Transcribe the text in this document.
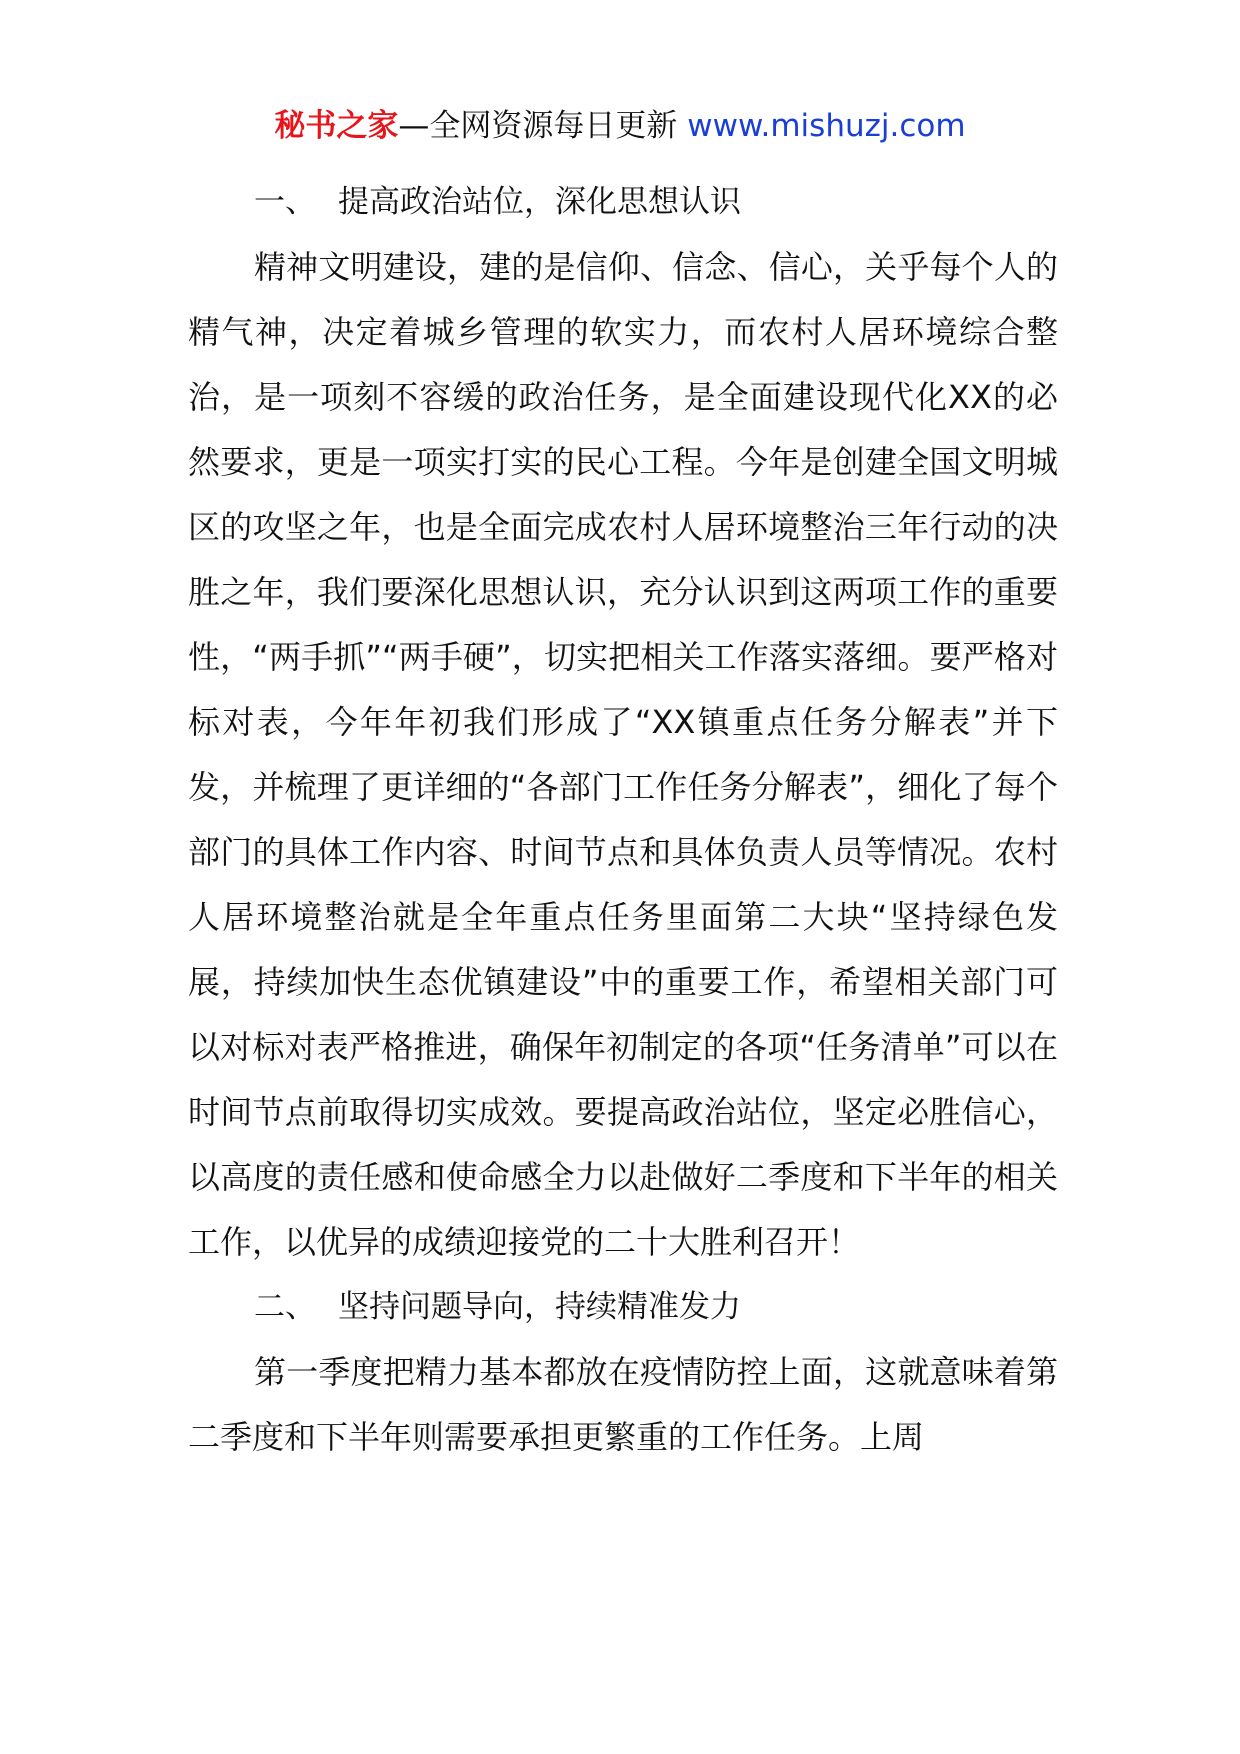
秘书之家—全网资源每日更新 www.mishuzj.com

一、 提高政治站位，深化思想认识

精神文明建设，建的是信仰、信念、信心，关乎每个人的精气神，决定着城乡管理的软实力，而农村人居环境综合整治，是一项刻不容缓的政治任务，是全面建设现代化XX的必然要求，更是一项实打实的民心工程。今年是创建全国文明城区的攻坚之年，也是全面完成农村人居环境整治三年行动的决胜之年，我们要深化思想认识，充分认识到这两项工作的重要性，“两手抓”“两手硬”，切实把相关工作落实落细。要严格对标对表，今年年初我们形成了“XX镇重点任务分解表”并下发，并梳理了更详细的“各部门工作任务分解表”，细化了每个部门的具体工作内容、时间节点和具体负责人员等情况。农村人居环境整治就是全年重点任务里面第二大块“坚持绿色发展，持续加快生态优镇建设”中的重要工作，希望相关部门可以对标对表严格推进，确保年初制定的各项“任务清单”可以在时间节点前取得切实成效。要提高政治站位，坚定必胜信心，以高度的责任感和使命感全力以赴做好二季度和下半年的相关工作，以优异的成绩迎接党的二十大胜利召开！

二、 坚持问题导向，持续精准发力

第一季度把精力基本都放在疫情防控上面，这就意味着第二季度和下半年则需要承担更繁重的工作任务。上周
